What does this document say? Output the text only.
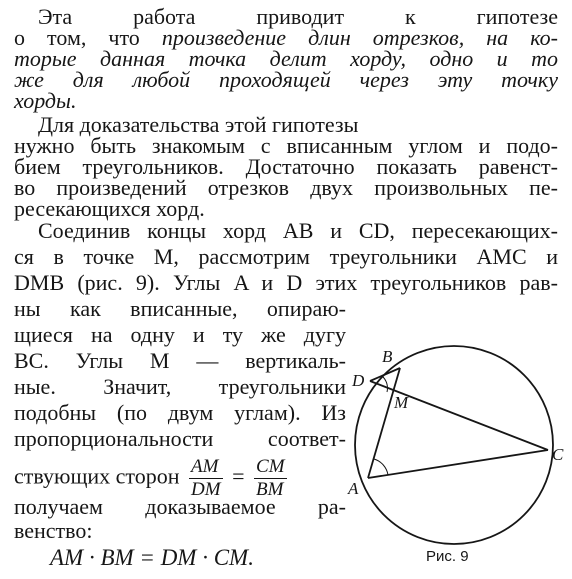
Эта работа приводит к гипотезе
о том, что произведение длин отрезков, на ко-
торые данная точка делит хорду, одно и то
же для любой проходящей через эту точку
хорды.
Для доказательства этой гипотезы
нужно быть знакомым с вписанным углом и подо-
бием треугольников. Достаточно показать равенст-
во произведений отрезков двух произвольных пе-
ресекающихся хорд.
Соединив концы хорд AB и CD, пересекающих-
ся в точке M, рассмотрим треугольники AMC и
DMB (рис. 9). Углы A и D этих треугольников рав-
ны как вписанные, опираю-
щиеся на одну и ту же дугу
BC. Углы M — вертикаль-
ные. Значит, треугольники
подобны (по двум углам). Из
пропорциональности соответ-
ствующих сторон $\frac{AM}{DM} = \frac{CM}{BM}$
B
D
M
A
C
AM · BM = DM · CM.	Рис. 9
получаем доказываемое ра-
венство:
